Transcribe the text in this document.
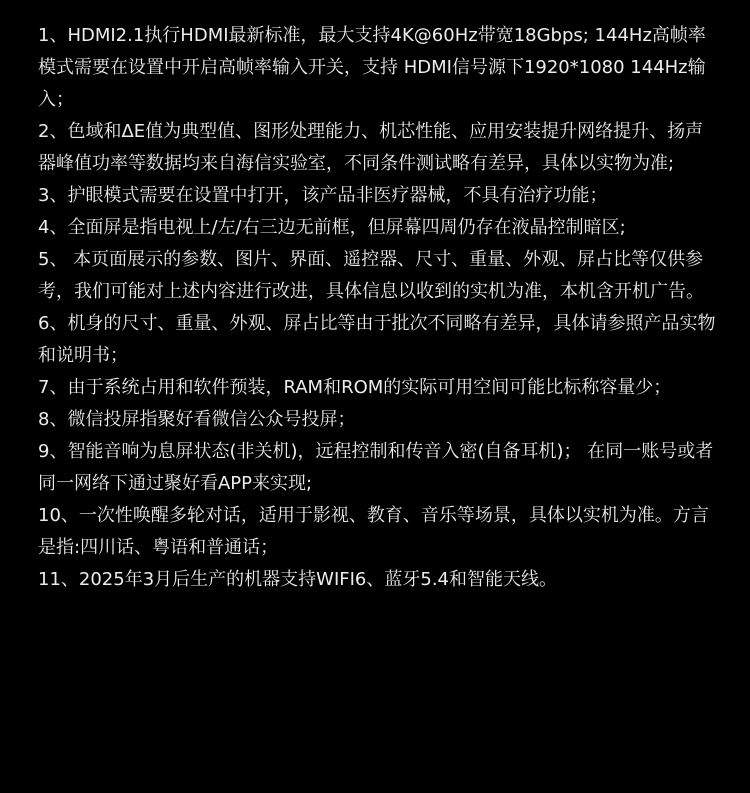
1、HDMI2.1执行HDMI最新标准，最大支持4K@60Hz带宽18Gbps; 144Hz高帧率模式需要在设置中开启高帧率输入开关，支持 HDMI信号源下1920*1080 144Hz输入；
2、色域和ΔE值为典型值、图形处理能力、机芯性能、应用安装提升网络提升、扬声器峰值功率等数据均来自海信实验室，不同条件测试略有差异，具体以实物为准;
3、护眼模式需要在设置中打开，该产品非医疗器械，不具有治疗功能；
4、全面屏是指电视上/左/右三边无前框，但屏幕四周仍存在液晶控制暗区;
5、 本页面展示的参数、图片、界面、遥控器、尺寸、重量、外观、屏占比等仅供参考，我们可能对上述内容进行改进，具体信息以收到的实机为准，本机含开机广告。
6、机身的尺寸、重量、外观、屏占比等由于批次不同略有差异，具体请参照产品实物和说明书；
7、由于系统占用和软件预装，RAM和ROM的实际可用空间可能比标称容量少；
8、微信投屏指聚好看微信公众号投屏；
9、智能音响为息屏状态(非关机)，远程控制和传音入密(自备耳机)； 在同一账号或者同一网络下通过聚好看APP来实现;
10、一次性唤醒多轮对话，适用于影视、教育、音乐等场景，具体以实机为准。方言是指:四川话、粤语和普通话；
11、2025年3月后生产的机器支持WIFI6、蓝牙5.4和智能天线。
